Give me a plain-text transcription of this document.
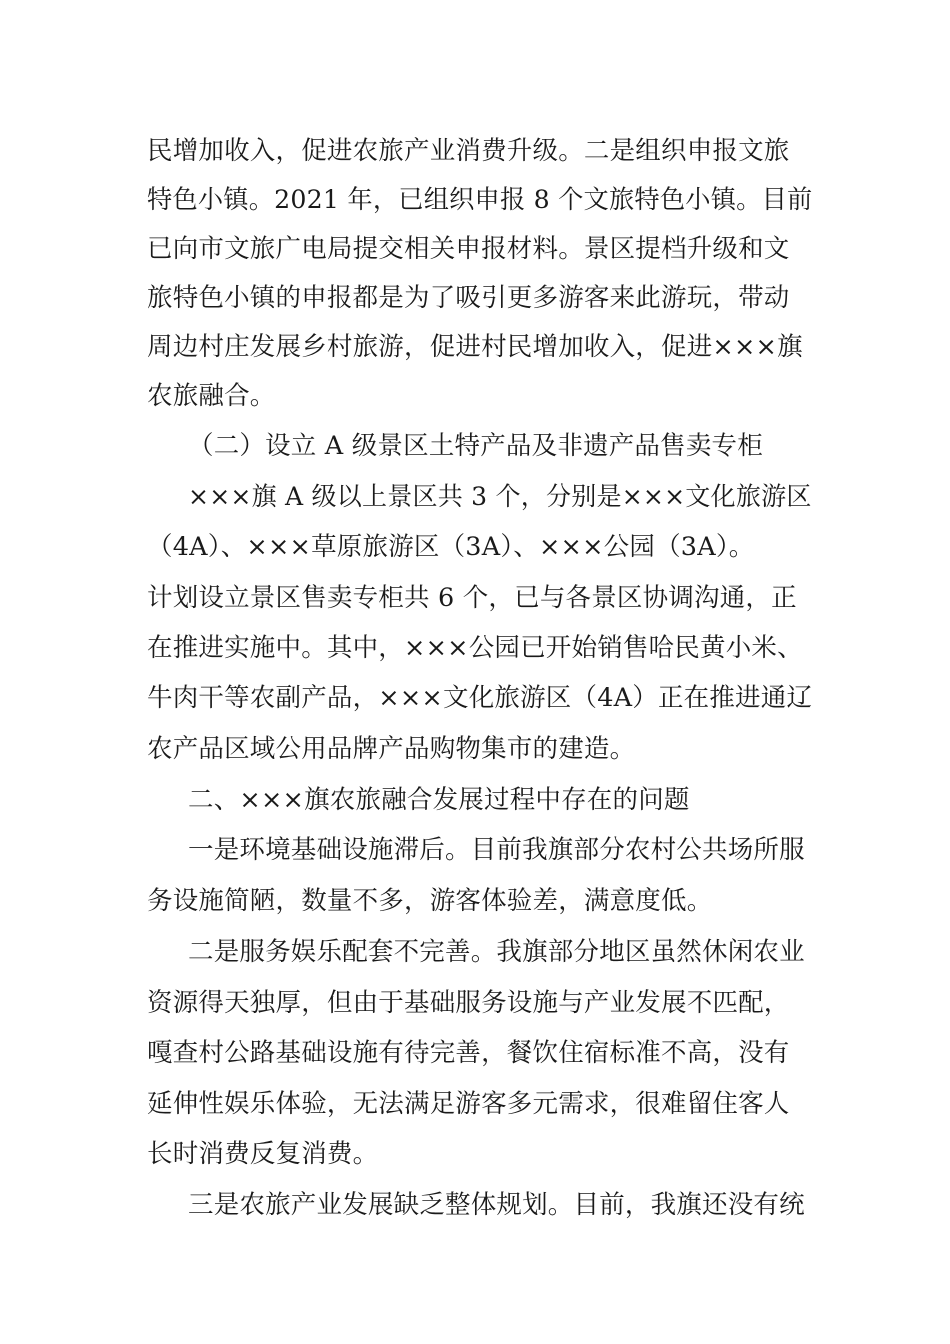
民增加收入，促进农旅产业消费升级。二是组织申报文旅
特色小镇。2021 年，已组织申报 8 个文旅特色小镇。目前
已向市文旅广电局提交相关申报材料。景区提档升级和文
旅特色小镇的申报都是为了吸引更多游客来此游玩，带动
周边村庄发展乡村旅游，促进村民增加收入，促进×××旗
农旅融合。
（二）设立 A 级景区土特产品及非遗产品售卖专柜
×××旗 A 级以上景区共 3 个，分别是×××文化旅游区
（4A）、×××草原旅游区（3A）、×××公园（3A）。
计划设立景区售卖专柜共 6 个，已与各景区协调沟通，正
在推进实施中。其中，×××公园已开始销售哈民黄小米、
牛肉干等农副产品，×××文化旅游区（4A）正在推进通辽
农产品区域公用品牌产品购物集市的建造。
二、×××旗农旅融合发展过程中存在的问题
一是环境基础设施滞后。目前我旗部分农村公共场所服
务设施简陋，数量不多，游客体验差，满意度低。
二是服务娱乐配套不完善。我旗部分地区虽然休闲农业
资源得天独厚，但由于基础服务设施与产业发展不匹配，
嘎查村公路基础设施有待完善，餐饮住宿标准不高，没有
延伸性娱乐体验，无法满足游客多元需求，很难留住客人
长时消费反复消费。
三是农旅产业发展缺乏整体规划。目前，我旗还没有统
